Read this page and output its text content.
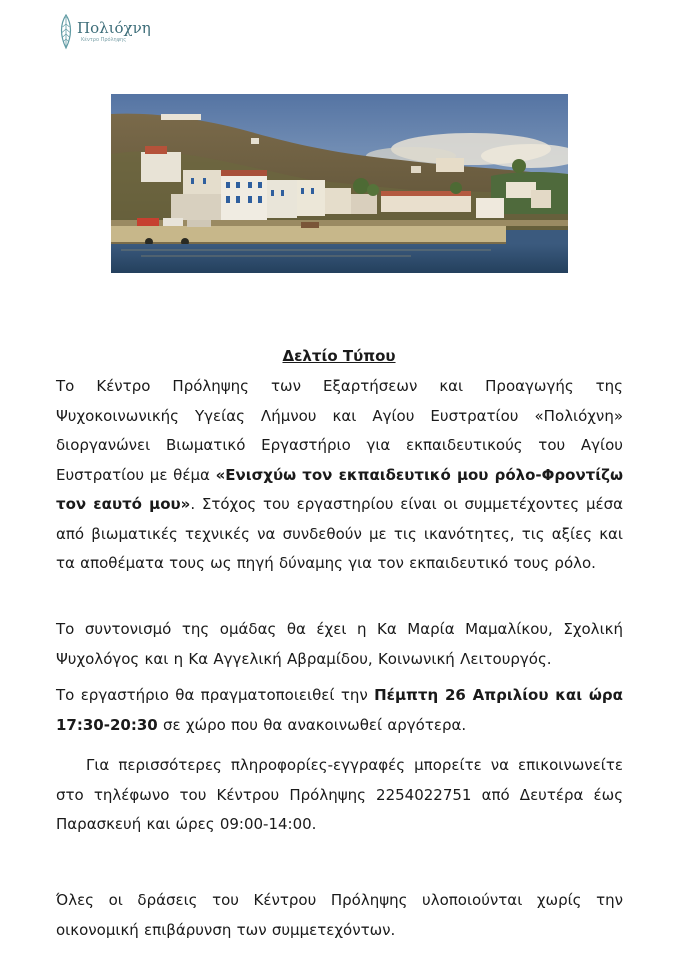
Πολιόχνη
Κέντρο Πρόληψης
Δελτίο Τύπου
Το Κέντρο Πρόληψης των Εξαρτήσεων και Προαγωγής της Ψυχοκοινωνικής Υγείας Λήμνου και Αγίου Ευστρατίου «Πολιόχνη» διοργανώνει Βιωματικό Εργαστήριο για εκπαιδευτικούς του Αγίου Ευστρατίου με θέμα «Ενισχύω τον εκπαιδευτικό μου ρόλο-Φροντίζω τον εαυτό μου». Στόχος του εργαστηρίου είναι οι συμμετέχοντες μέσα από βιωματικές τεχνικές να συνδεθούν με τις ικανότητες, τις αξίες και τα αποθέματα τους ως πηγή δύναμης για τον εκπαιδευτικό τους ρόλο.
Το συντονισμό της ομάδας θα έχει η Κα Μαρία Μαμαλίκου, Σχολική Ψυχολόγος και η Κα Αγγελική Αβραμίδου, Κοινωνική Λειτουργός.
Το εργαστήριο θα πραγματοποιειθεί την Πέμπτη 26 Απριλίου και ώρα 17:30-20:30 σε χώρο που θα ανακοινωθεί αργότερα.
Για περισσότερες πληροφορίες-εγγραφές μπορείτε να επικοινωνείτε στο τηλέφωνο του Κέντρου Πρόληψης 2254022751 από Δευτέρα έως Παρασκευή και ώρες 09:00-14:00.
Όλες οι δράσεις του Κέντρου Πρόληψης υλοποιούνται χωρίς την οικονομική επιβάρυνση των συμμετεχόντων.
